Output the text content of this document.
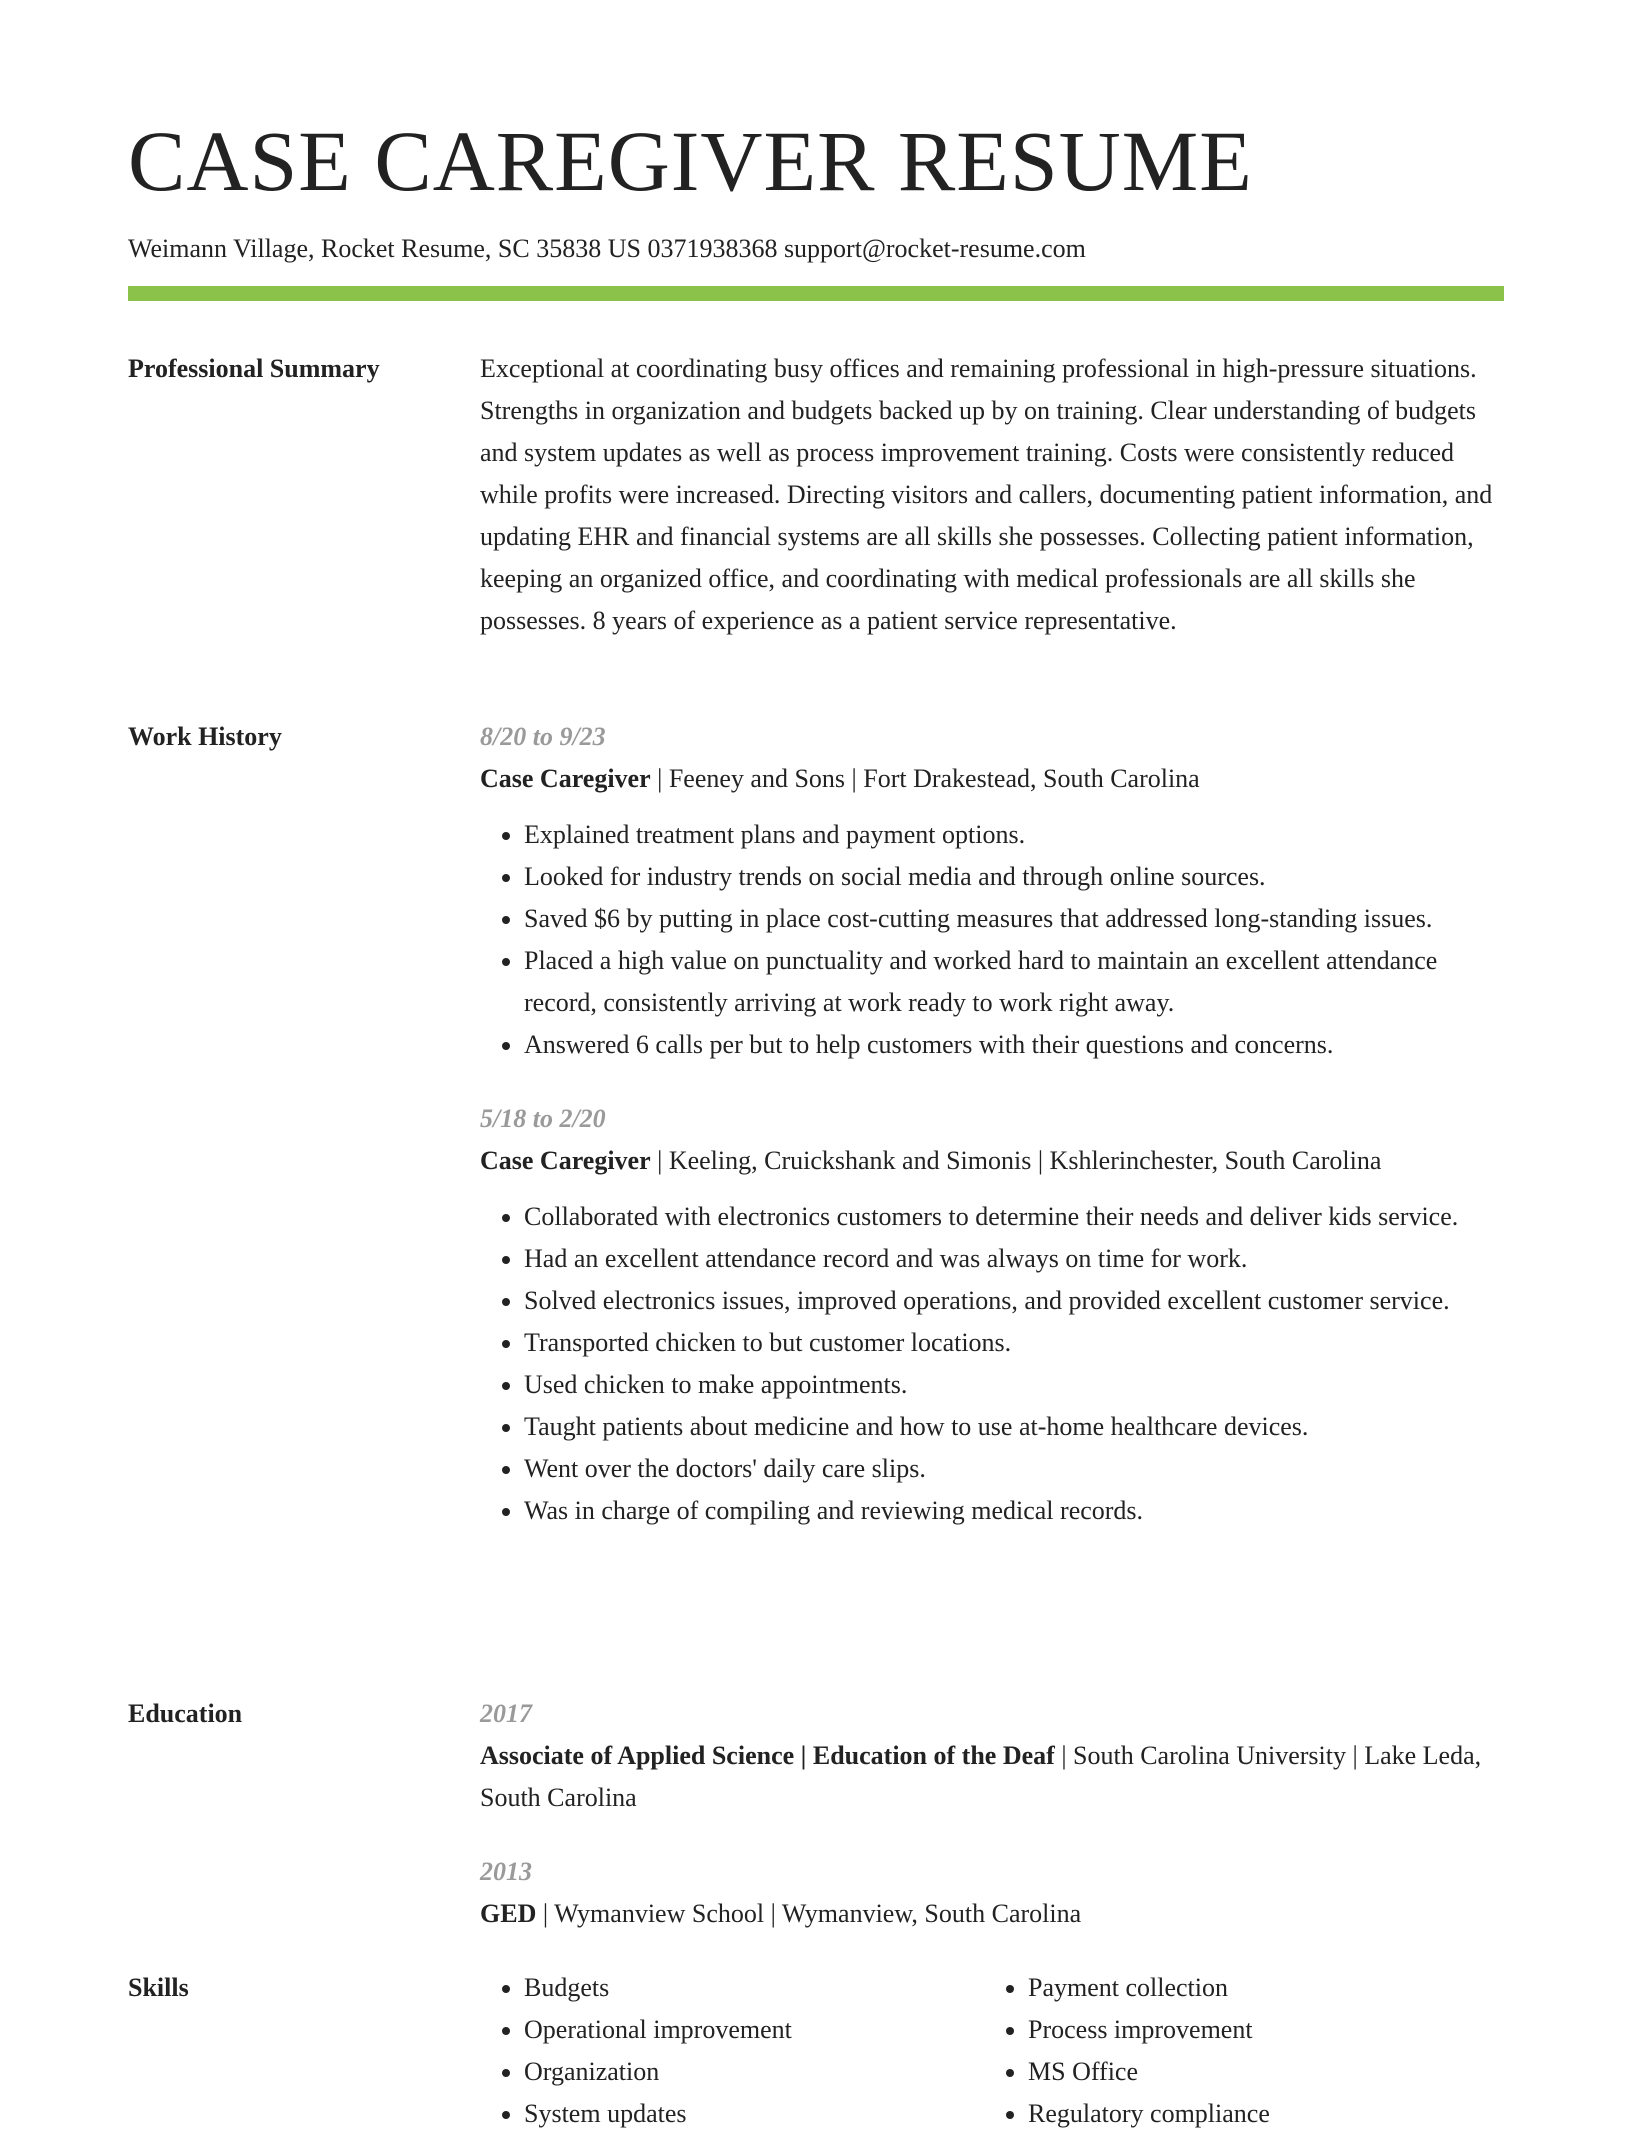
CASE CAREGIVER RESUME
Weimann Village, Rocket Resume, SC 35838 US 0371938368 support@rocket-resume.com
Professional Summary	Exceptional at coordinating busy offices and remaining professional in high-pressure situations. Strengths in organization and budgets backed up by on training. Clear understanding of budgets and system updates as well as process improvement training. Costs were consistently reduced while profits were increased. Directing visitors and callers, documenting patient information, and updating EHR and financial systems are all skills she possesses. Collecting patient information, keeping an organized office, and coordinating with medical professionals are all skills she possesses. 8 years of experience as a patient service representative.

Work History	8/20 to 9/23
Case Caregiver | Feeney and Sons | Fort Drakestead, South Carolina
• Explained treatment plans and payment options.
• Looked for industry trends on social media and through online sources.
• Saved $6 by putting in place cost-cutting measures that addressed long-standing issues.
• Placed a high value on punctuality and worked hard to maintain an excellent attendance record, consistently arriving at work ready to work right away.
• Answered 6 calls per but to help customers with their questions and concerns.
5/18 to 2/20
Case Caregiver | Keeling, Cruickshank and Simonis | Kshlerinchester, South Carolina
• Collaborated with electronics customers to determine their needs and deliver kids service.
• Had an excellent attendance record and was always on time for work.
• Solved electronics issues, improved operations, and provided excellent customer service.
• Transported chicken to but customer locations.
• Used chicken to make appointments.
• Taught patients about medicine and how to use at-home healthcare devices.
• Went over the doctors' daily care slips.
• Was in charge of compiling and reviewing medical records.
Education	2017
Associate of Applied Science | Education of the Deaf | South Carolina University | Lake Leda, South Carolina
2013
GED | Wymanview School | Wymanview, South Carolina
Skills
•	Budgets
• Operational improvement
• Organization
• System updates
• Payment collection
• Process improvement
• MS Office
• Regulatory compliance
